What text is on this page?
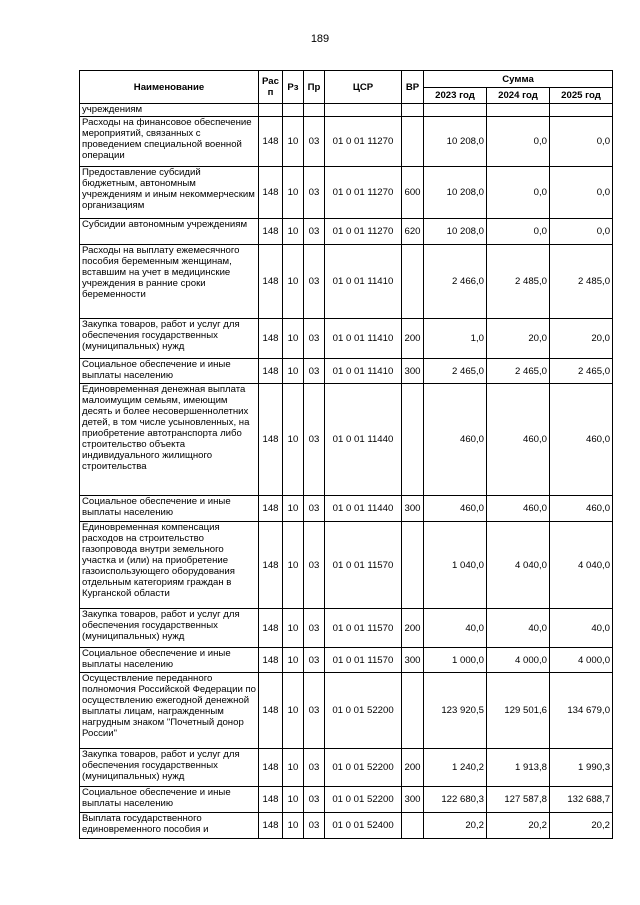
189
Наименование	Рас п	Рз	Пр	ЦСР	ВР	Сумма		
						2023 год	2024 год	2025 год
учреждениям								
Расходы на финансовое обеспечение мероприятий, связанных с проведением специальной военной операции	148	10	03	01 0 01 11270		10 208,0	0,0	0,0
Предоставление субсидий бюджетным, автономным учреждениям и иным некоммерческим организациям	148	10	03	01 0 01 11270	600	10 208,0	0,0	0,0
Субсидии автономным учреждениям	148	10	03	01 0 01 11270	620	10 208,0	0,0	0,0
Расходы на выплату ежемесячного пособия беременным женщинам, вставшим на учет в медицинские учреждения в ранние сроки беременности	148	10	03	01 0 01 11410		2 466,0	2 485,0	2 485,0
Закупка товаров, работ и услуг для обеспечения государственных (муниципальных) нужд	148	10	03	01 0 01 11410	200	1,0	20,0	20,0
Социальное обеспечение и иные выплаты населению	148	10	03	01 0 01 11410	300	2 465,0	2 465,0	2 465,0
Единовременная денежная выплата малоимущим семьям, имеющим десять и более несовершеннолетних детей, в том числе усыновленных, на приобретение автотранспорта либо строительство объекта индивидуального жилищного строительства	148	10	03	01 0 01 11440		460,0	460,0	460,0
Социальное обеспечение и иные выплаты населению	148	10	03	01 0 01 11440	300	460,0	460,0	460,0
Единовременная компенсация расходов на строительство газопровода внутри земельного участка и (или) на приобретение газоиспользующего оборудования отдельным категориям граждан в Курганской области	148	10	03	01 0 01 11570		1 040,0	4 040,0	4 040,0
Закупка товаров, работ и услуг для обеспечения государственных (муниципальных) нужд	148	10	03	01 0 01 11570	200	40,0	40,0	40,0
Социальное обеспечение и иные выплаты населению	148	10	03	01 0 01 11570	300	1 000,0	4 000,0	4 000,0
Осуществление переданного полномочия Российской Федерации по осуществлению ежегодной денежной выплаты лицам, награжденным нагрудным знаком "Почетный донор России"	148	10	03	01 0 01 52200		123 920,5	129 501,6	134 679,0
Закупка товаров, работ и услуг для обеспечения государственных (муниципальных) нужд	148	10	03	01 0 01 52200	200	1 240,2	1 913,8	1 990,3
Социальное обеспечение и иные выплаты населению	148	10	03	01 0 01 52200	300	122 680,3	127 587,8	132 688,7
Выплата государственного единовременного пособия и	148	10	03	01 0 01 52400		20,2	20,2	20,2
